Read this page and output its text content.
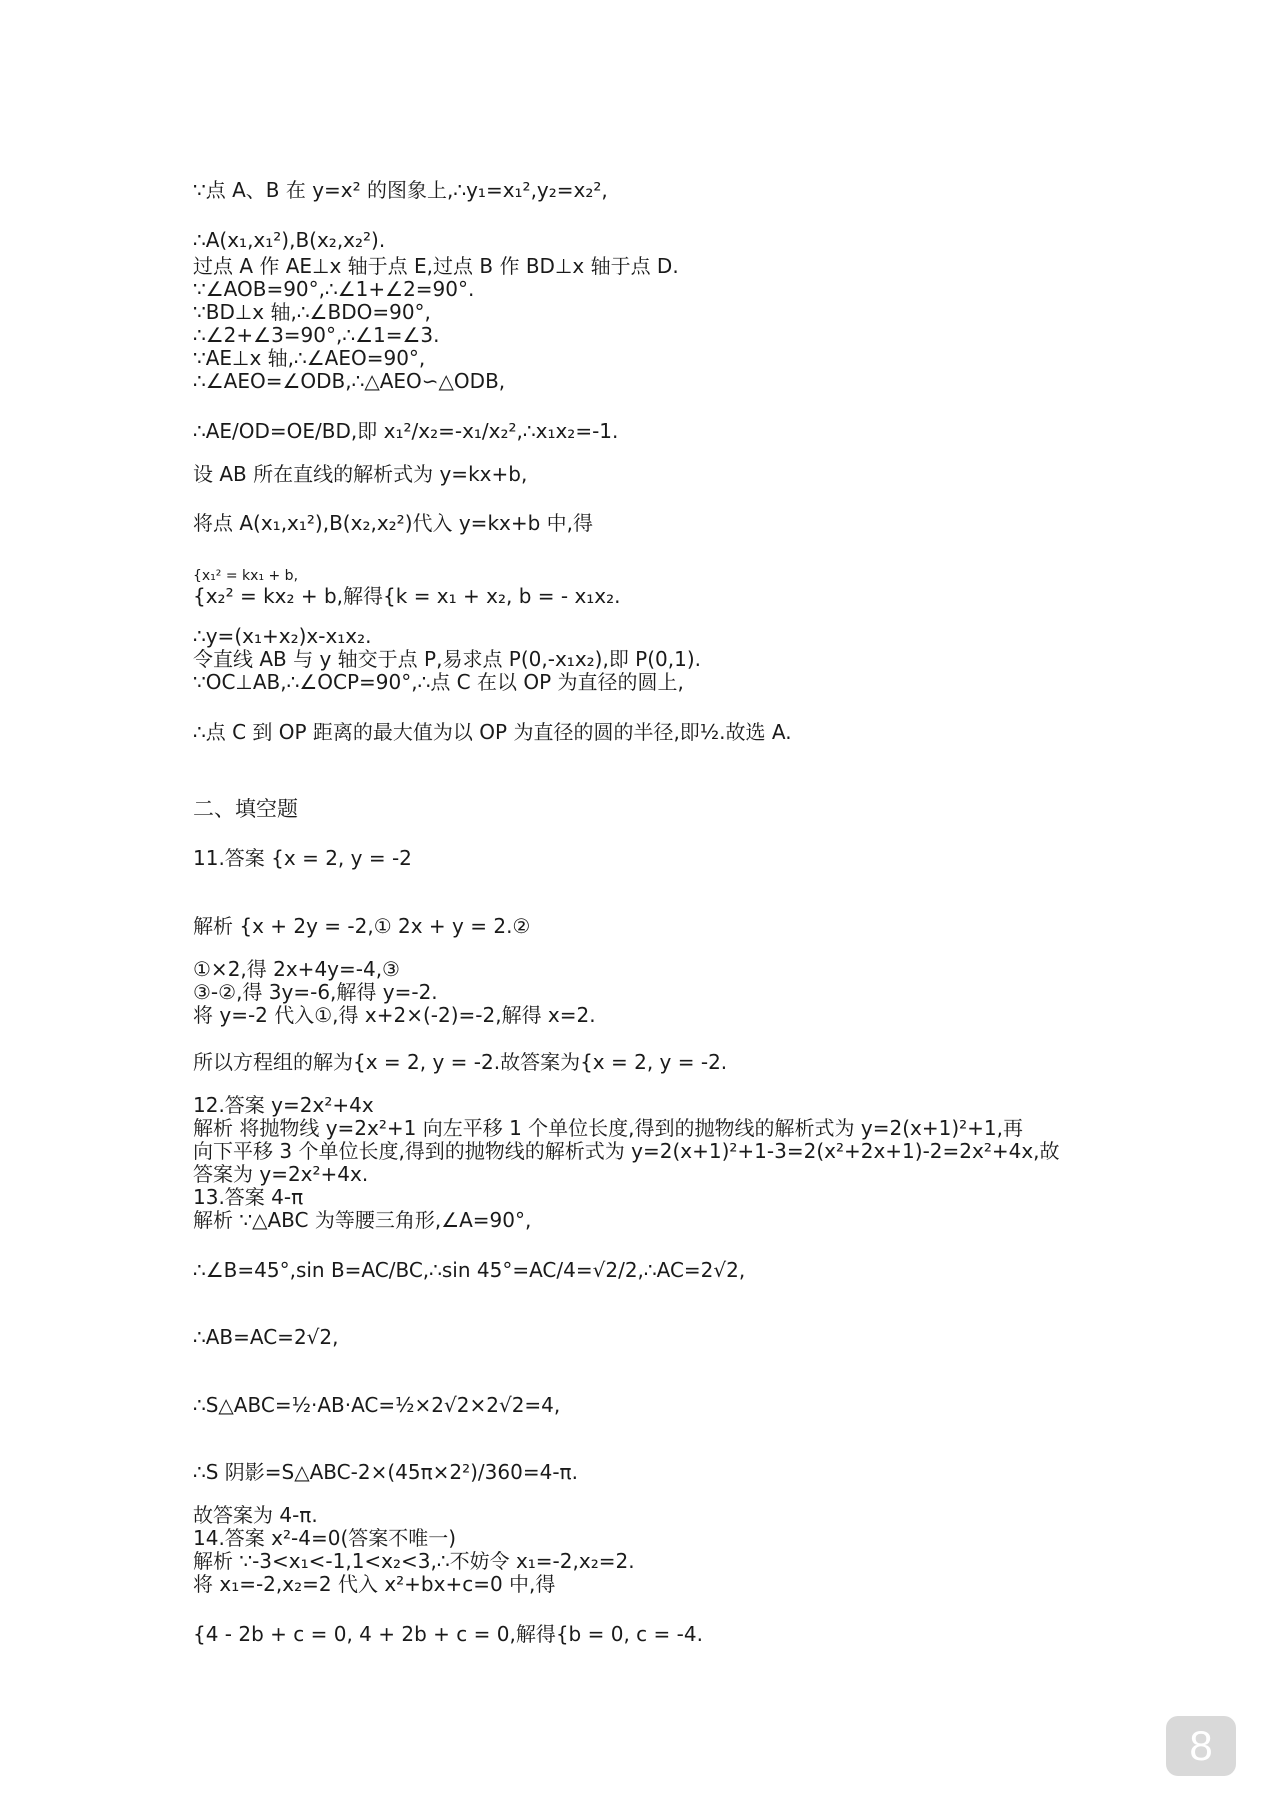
∵点 A、B 在 y=x² 的图象上,∴y₁=x₁²,y₂=x₂²,
∴A(x₁,x₁²),B(x₂,x₂²).
过点 A 作 AE⊥x 轴于点 E,过点 B 作 BD⊥x 轴于点 D.
∵∠AOB=90°,∴∠1+∠2=90°.
∵BD⊥x 轴,∴∠BDO=90°,
∴∠2+∠3=90°,∴∠1=∠3.
∵AE⊥x 轴,∴∠AEO=90°,
∴∠AEO=∠ODB,∴△AEO∽△ODB,
∴AE/OD=OE/BD,即 x₁²/x₂=-x₁/x₂²,∴x₁x₂=-1.
设 AB 所在直线的解析式为 y=kx+b,
将点 A(x₁,x₁²),B(x₂,x₂²)代入 y=kx+b 中,得
{x₁² = kx₁ + b,
{x₂² = kx₂ + b,解得{k = x₁ + x₂, b = - x₁x₂.
∴y=(x₁+x₂)x-x₁x₂.
令直线 AB 与 y 轴交于点 P,易求点 P(0,-x₁x₂),即 P(0,1).
∵OC⊥AB,∴∠OCP=90°,∴点 C 在以 OP 为直径的圆上,
∴点 C 到 OP 距离的最大值为以 OP 为直径的圆的半径,即½.故选 A.
二、填空题
11.答案 {x = 2, y = -2
解析 {x + 2y = -2,① 2x + y = 2.②
①×2,得 2x+4y=-4,③
③-②,得 3y=-6,解得 y=-2.
将 y=-2 代入①,得 x+2×(-2)=-2,解得 x=2.
所以方程组的解为{x = 2, y = -2.故答案为{x = 2, y = -2.
12.答案 y=2x²+4x
解析 将抛物线 y=2x²+1 向左平移 1 个单位长度,得到的抛物线的解析式为 y=2(x+1)²+1,再
向下平移 3 个单位长度,得到的抛物线的解析式为 y=2(x+1)²+1-3=2(x²+2x+1)-2=2x²+4x,故
答案为 y=2x²+4x.
13.答案 4-π
解析 ∵△ABC 为等腰三角形,∠A=90°,
∴∠B=45°,sin B=AC/BC,∴sin 45°=AC/4=√2/2,∴AC=2√2,
∴AB=AC=2√2,
∴S△ABC=½·AB·AC=½×2√2×2√2=4,
∴S 阴影=S△ABC-2×(45π×2²)/360=4-π.
故答案为 4-π.
14.答案 x²-4=0(答案不唯一)
解析 ∵-3<x₁<-1,1<x₂<3,∴不妨令 x₁=-2,x₂=2.
将 x₁=-2,x₂=2 代入 x²+bx+c=0 中,得
{4 - 2b + c = 0, 4 + 2b + c = 0,解得{b = 0, c = -4.
8
